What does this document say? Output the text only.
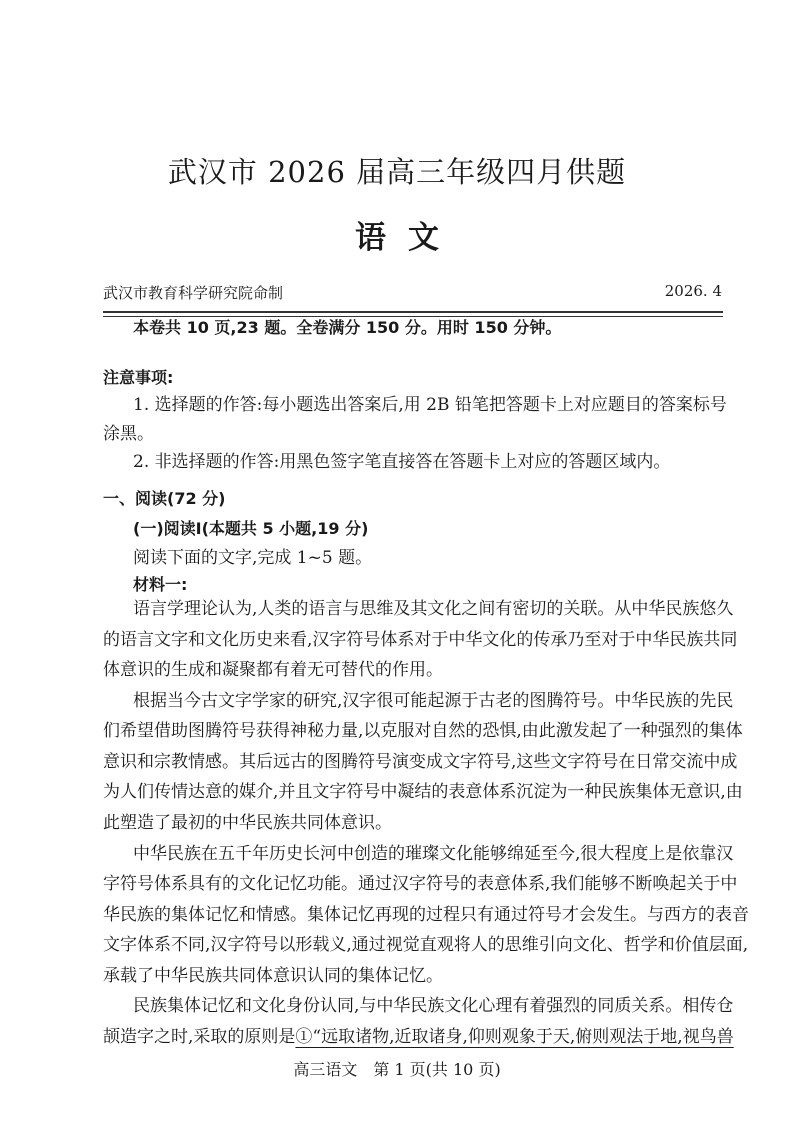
武汉市 2026 届高三年级四月供题
语文
武汉市教育科学研究院命制	2026. 4
本卷共 10 页,23 题。全卷满分 150 分。用时 150 分钟。
注意事项:
1. 选择题的作答:每小题选出答案后,用 2B 铅笔把答题卡上对应题目的答案标号
涂黑。
2. 非选择题的作答:用黑色签字笔直接答在答题卡上对应的答题区域内。
一、阅读(72 分)
(一)阅读Ⅰ(本题共 5 小题,19 分)
阅读下面的文字,完成 1~5 题。
材料一:
语言学理论认为,人类的语言与思维及其文化之间有密切的关联。从中华民族悠久
的语言文字和文化历史来看,汉字符号体系对于中华文化的传承乃至对于中华民族共同
体意识的生成和凝聚都有着无可替代的作用。
根据当今古文字学家的研究,汉字很可能起源于古老的图腾符号。中华民族的先民
们希望借助图腾符号获得神秘力量,以克服对自然的恐惧,由此激发起了一种强烈的集体
意识和宗教情感。其后远古的图腾符号演变成文字符号,这些文字符号在日常交流中成
为人们传情达意的媒介,并且文字符号中凝结的表意体系沉淀为一种民族集体无意识,由
此塑造了最初的中华民族共同体意识。
中华民族在五千年历史长河中创造的璀璨文化能够绵延至今,很大程度上是依靠汉
字符号体系具有的文化记忆功能。通过汉字符号的表意体系,我们能够不断唤起关于中
华民族的集体记忆和情感。集体记忆再现的过程只有通过符号才会发生。与西方的表音
文字体系不同,汉字符号以形载义,通过视觉直观将人的思维引向文化、哲学和价值层面,
承载了中华民族共同体意识认同的集体记忆。
民族集体记忆和文化身份认同,与中华民族文化心理有着强烈的同质关系。相传仓
颉造字之时,采取的原则是①“远取诸物,近取诸身,仰则观象于天,俯则观法于地,视鸟兽
高三语文　第 1 页(共 10 页)
